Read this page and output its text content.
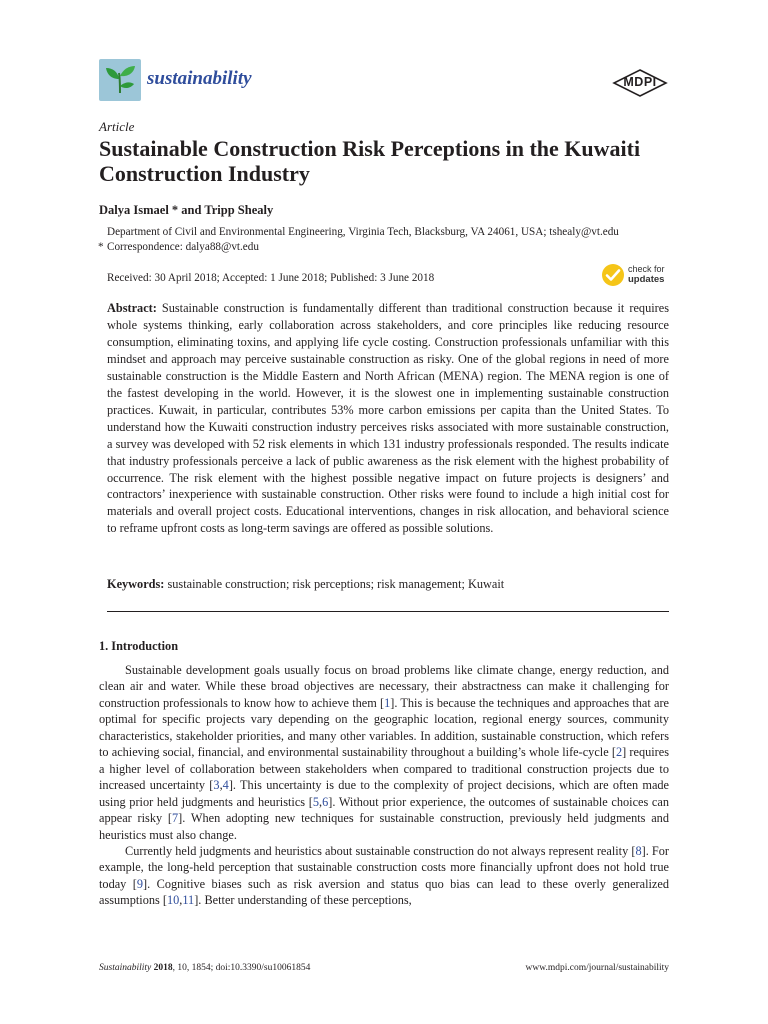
sustainability	MDPI
Article
Sustainable Construction Risk Perceptions in the Kuwaiti Construction Industry
Dalya Ismael * and Tripp Shealy
Department of Civil and Environmental Engineering, Virginia Tech, Blacksburg, VA 24061, USA; tshealy@vt.edu
* Correspondence: dalya88@vt.edu
Received: 30 April 2018; Accepted: 1 June 2018; Published: 3 June 2018
check for
updates
Abstract: Sustainable construction is fundamentally different than traditional construction because it requires whole systems thinking, early collaboration across stakeholders, and core principles like reducing resource consumption, eliminating toxins, and applying life cycle costing. Construction professionals unfamiliar with this mindset and approach may perceive sustainable construction as risky. One of the global regions in need of more sustainable construction is the Middle Eastern and North African (MENA) region. The MENA region is one of the fastest developing in the world. However, it is the slowest one in implementing sustainable construction practices. Kuwait, in particular, contributes 53% more carbon emissions per capita than the United States. To understand how the Kuwaiti construction industry perceives risks associated with more sustainable construction, a survey was developed with 52 risk elements in which 131 industry professionals responded. The results indicate that industry professionals perceive a lack of public awareness as the risk element with the highest probability of occurrence. The risk element with the highest possible negative impact on future projects is designers’ and contractors’ inexperience with sustainable construction. Other risks were found to include a high initial cost for materials and overall project costs. Educational interventions, changes in risk allocation, and behavioral science to reframe upfront costs as long-term savings are offered as possible solutions.
Keywords: sustainable construction; risk perceptions; risk management; Kuwait
1. Introduction

Sustainable development goals usually focus on broad problems like climate change, energy reduction, and clean air and water. While these broad objectives are necessary, their abstractness can make it challenging for construction professionals to know how to achieve them [1]. This is because the techniques and approaches that are optimal for specific projects vary depending on the geographic location, regional energy sources, community characteristics, stakeholder priorities, and many other variables. In addition, sustainable construction, which refers to achieving social, financial, and environmental sustainability throughout a building’s whole life-cycle [2] requires a higher level of collaboration between stakeholders when compared to traditional construction projects due to increased uncertainty [3,4]. This uncertainty is due to the complexity of project decisions, which are often made using prior held judgments and heuristics [5,6]. Without prior experience, the outcomes of sustainable choices can appear risky [7]. When adopting new techniques for sustainable construction, previously held judgments and heuristics must also change.

Currently held judgments and heuristics about sustainable construction do not always represent reality [8]. For example, the long-held perception that sustainable construction costs more financially upfront does not hold true today [9]. Cognitive biases such as risk aversion and status quo bias can lead to these overly generalized assumptions [10,11]. Better understanding of these perceptions,

Sustainability 2018, 10, 1854; doi:10.3390/su10061854	www.mdpi.com/journal/sustainability
